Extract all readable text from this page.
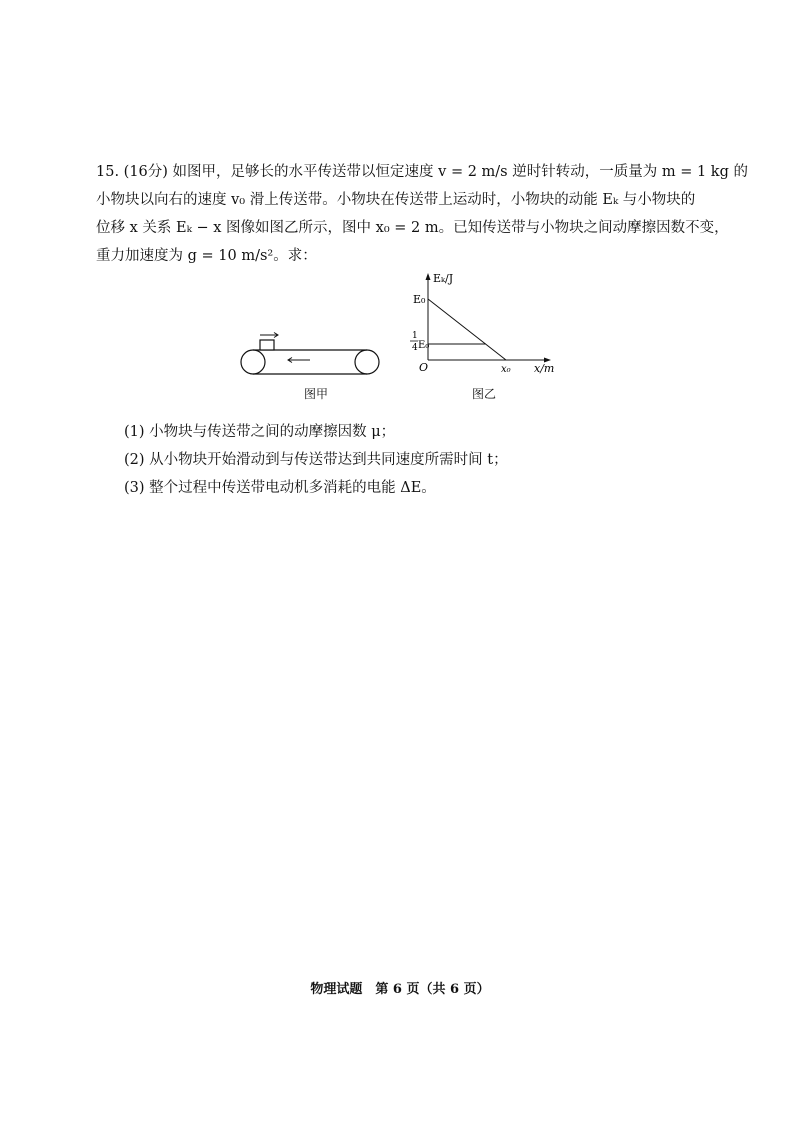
15. (16分) 如图甲，足够长的水平传送带以恒定速度 v = 2 m/s 逆时针转动，一质量为 m = 1 kg 的
小物块以向右的速度 v₀ 滑上传送带。小物块在传送带上运动时，小物块的动能 Eₖ 与小物块的
位移 x 关系 Eₖ − x 图像如图乙所示，图中 x₀ = 2 m。已知传送带与小物块之间动摩擦因数不变，
重力加速度为 g = 10 m/s²。求：
图甲
Eₖ/J
E₀
1
4 E₀
O	x₀ x/m
图乙
(1) 小物块与传送带之间的动摩擦因数 μ；
(2) 从小物块开始滑动到与传送带达到共同速度所需时间 t；
(3) 整个过程中传送带电动机多消耗的电能 ΔE。
物理试题　第 6 页（共 6 页）
